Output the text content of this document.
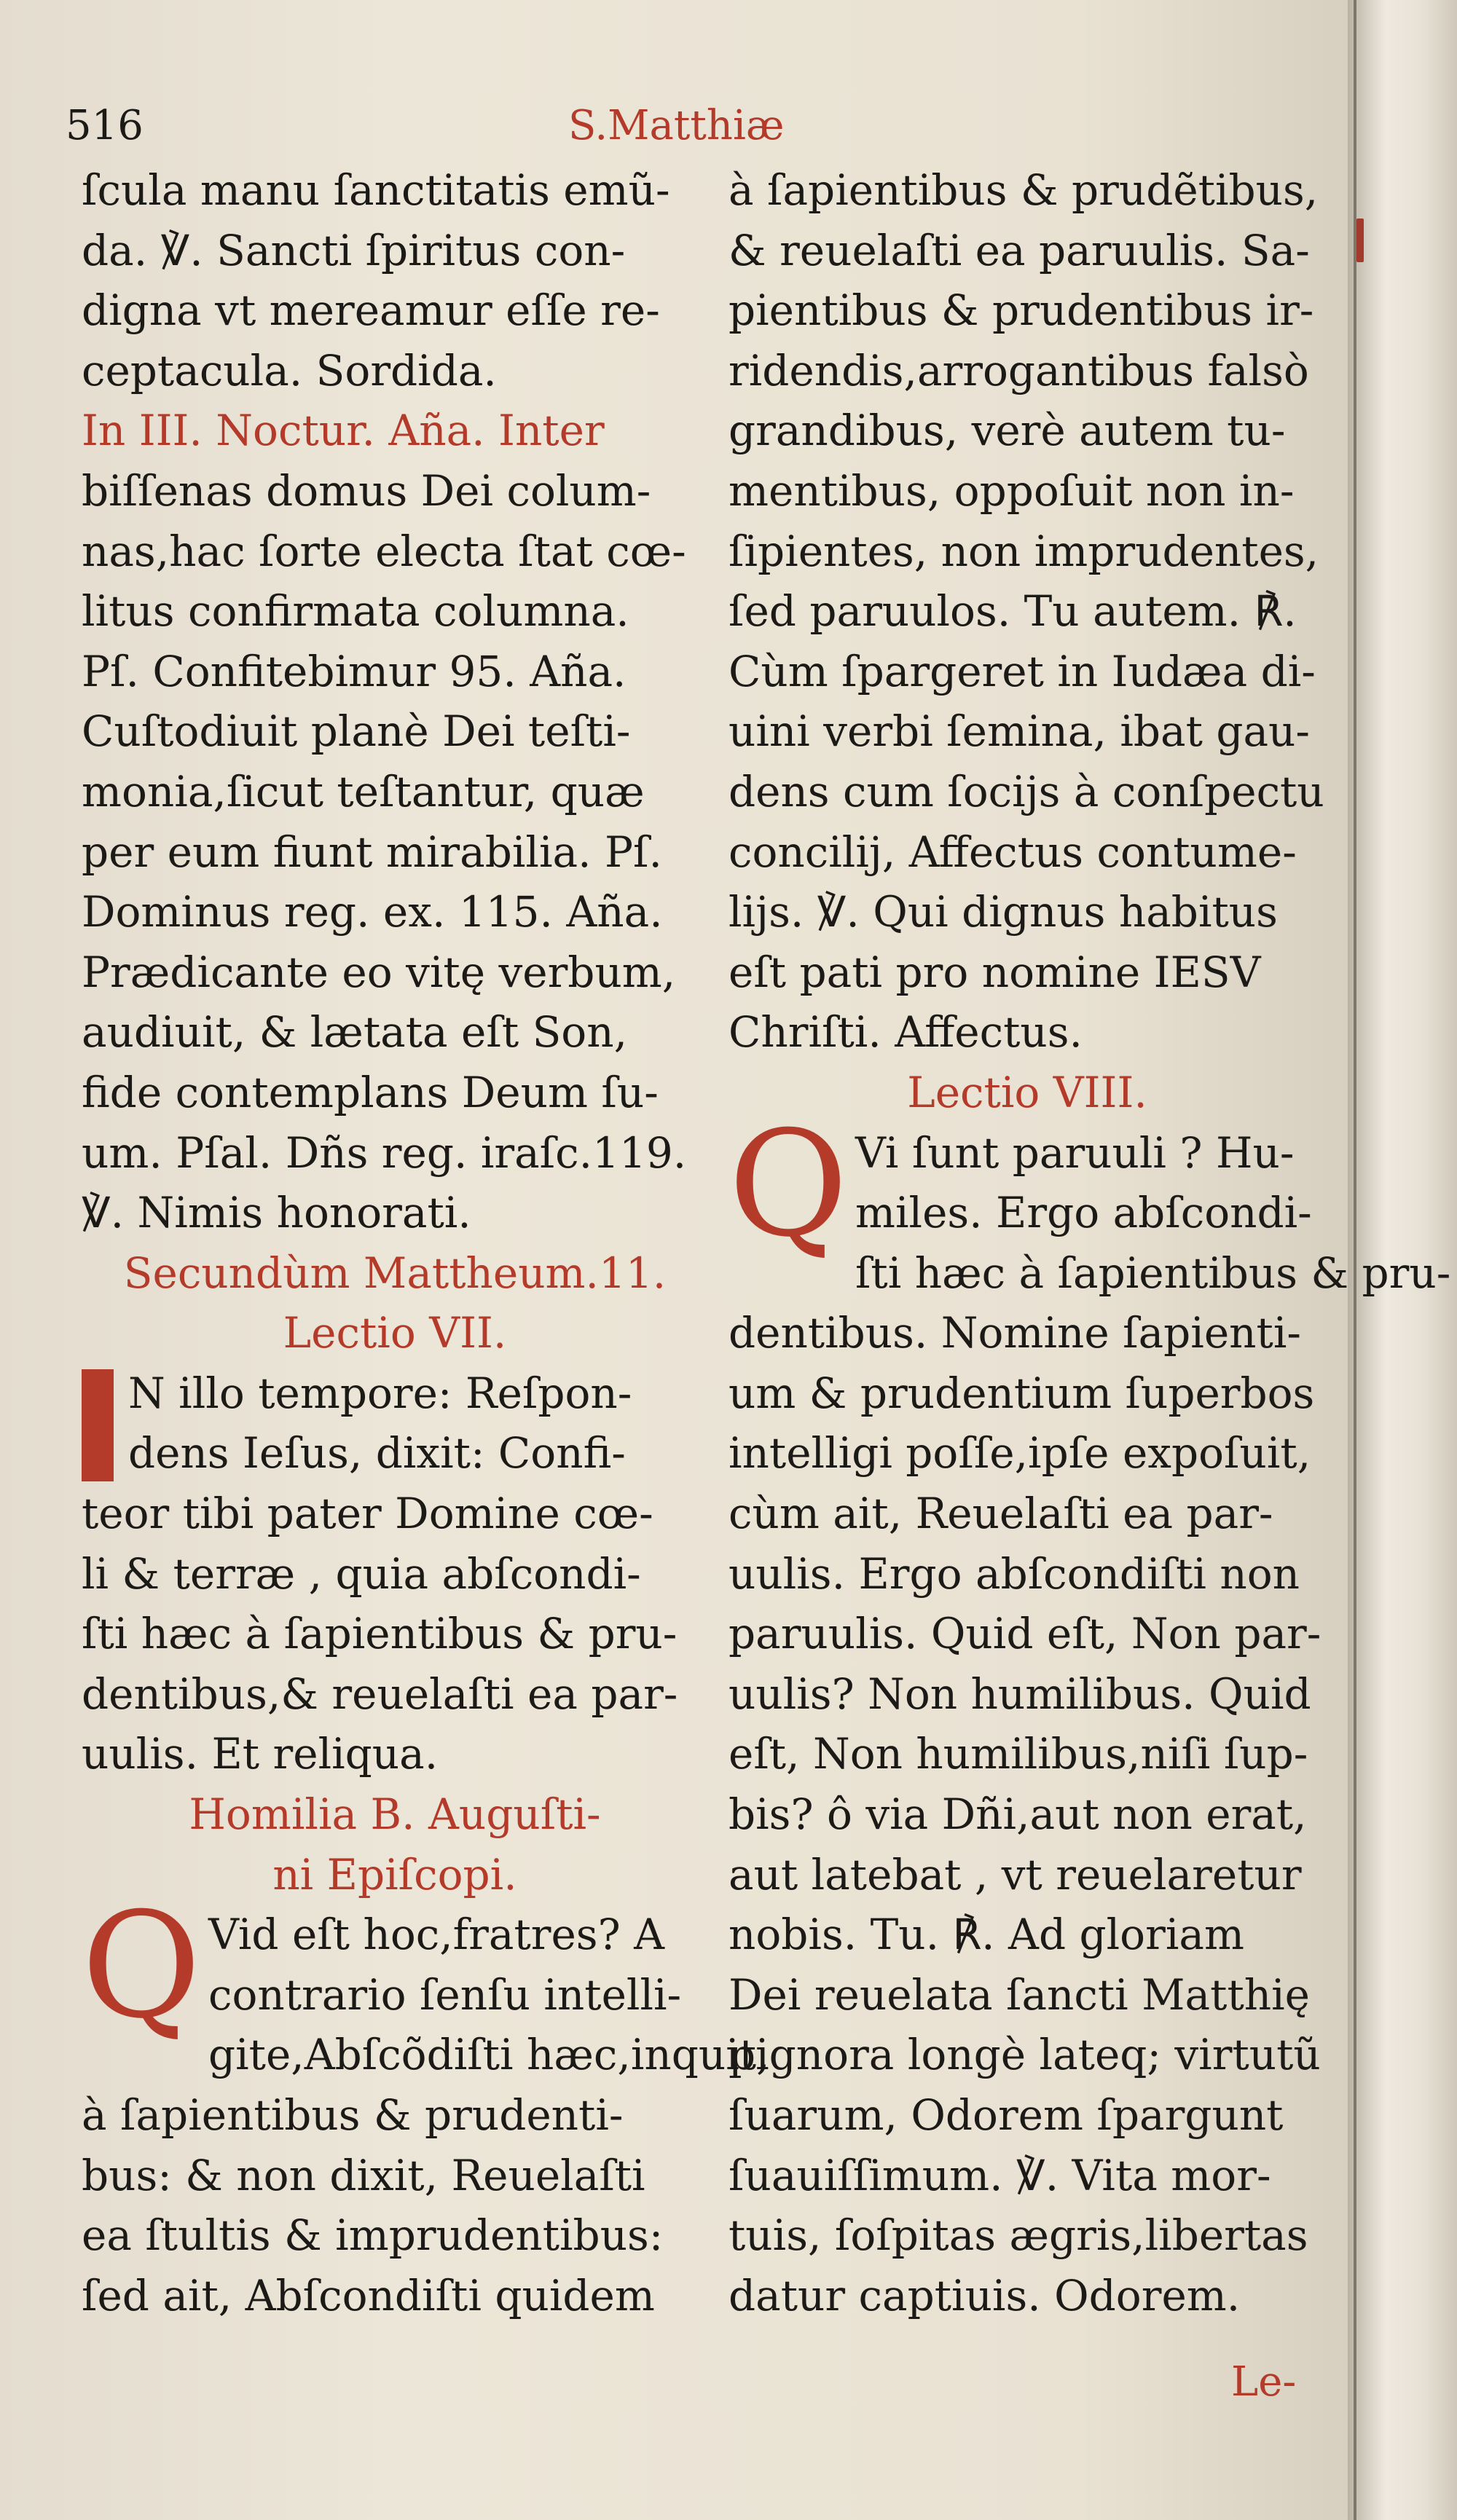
516	S.Matthiæ
ſcula manu ſanctitatis emũ-
da. ℣. Sancti ſpiritus con-
digna vt mereamur eſſe re-
ceptacula. Sordida.
In III. Noctur. Aña. Inter
biſſenas domus Dei colum-
nas,hac ſorte electa ſtat cœ-
litus confirmata columna.
Pſ. Confitebimur 95. Aña.
Cuſtodiuit planè Dei teſti-
monia,ſicut teſtantur, quæ
per eum fiunt mirabilia. Pſ.
Dominus reg. ex. 115. Aña.
Prædicante eo vitę verbum,
audiuit, & lætata eſt Son,
fide contemplans Deum ſu-
um. Pſal. Dñs reg. iraſc.119.
℣. Nimis honorati.
Secundùm Mattheum.11.
Lectio VII.
N illo tempore: Reſpon-
dens Ieſus, dixit: Confi-
teor tibi pater Domine cœ-
li & terræ , quia abſcondi-
ſti hæc à ſapientibus & pru-
dentibus,& reuelaſti ea par-
uulis. Et reliqua.
Homilia B. Auguſti-
ni Epiſcopi.
Q Vid eſt hoc,fratres? A
contrario ſenſu intelli-
gite,Abſcõdiſti hæc,inquit,
à ſapientibus & prudenti-
bus: & non dixit, Reuelaſti
ea ſtultis & imprudentibus:
ſed ait, Abſcondiſti quidem
à ſapientibus & prudẽtibus,
& reuelaſti ea paruulis. Sa-
pientibus & prudentibus ir-
ridendis,arrogantibus falsò
grandibus, verè autem tu-
mentibus, oppoſuit non in-
ſipientes, non imprudentes,
ſed paruulos. Tu autem. ℟.
Cùm ſpargeret in Iudæa di-
uini verbi ſemina, ibat gau-
dens cum ſocijs à conſpectu
concilij, Affectus contume-
lijs. ℣. Qui dignus habitus
eſt pati pro nomine IESV
Chriſti. Affectus.
Lectio VIII.
Q Vi ſunt paruuli ? Hu-
miles. Ergo abſcondi-
ſti hæc à ſapientibus & pru-
dentibus. Nomine ſapienti-
um & prudentium ſuperbos
intelligi poſſe,ipſe expoſuit,
cùm ait, Reuelaſti ea par-
uulis. Ergo abſcondiſti non
paruulis. Quid eſt, Non par-
uulis? Non humilibus. Quid
eſt, Non humilibus,niſi ſup-
bis? ô via Dñi,aut non erat,
aut latebat , vt reuelaretur
nobis. Tu. ℟. Ad gloriam
Dei reuelata ſancti Matthię
pignora longè lateq; virtutũ
ſuarum, Odorem ſpargunt
ſuauiſſimum. ℣. Vita mor-
tuis, ſoſpitas ægris,libertas
datur captiuis. Odorem.
Le-
